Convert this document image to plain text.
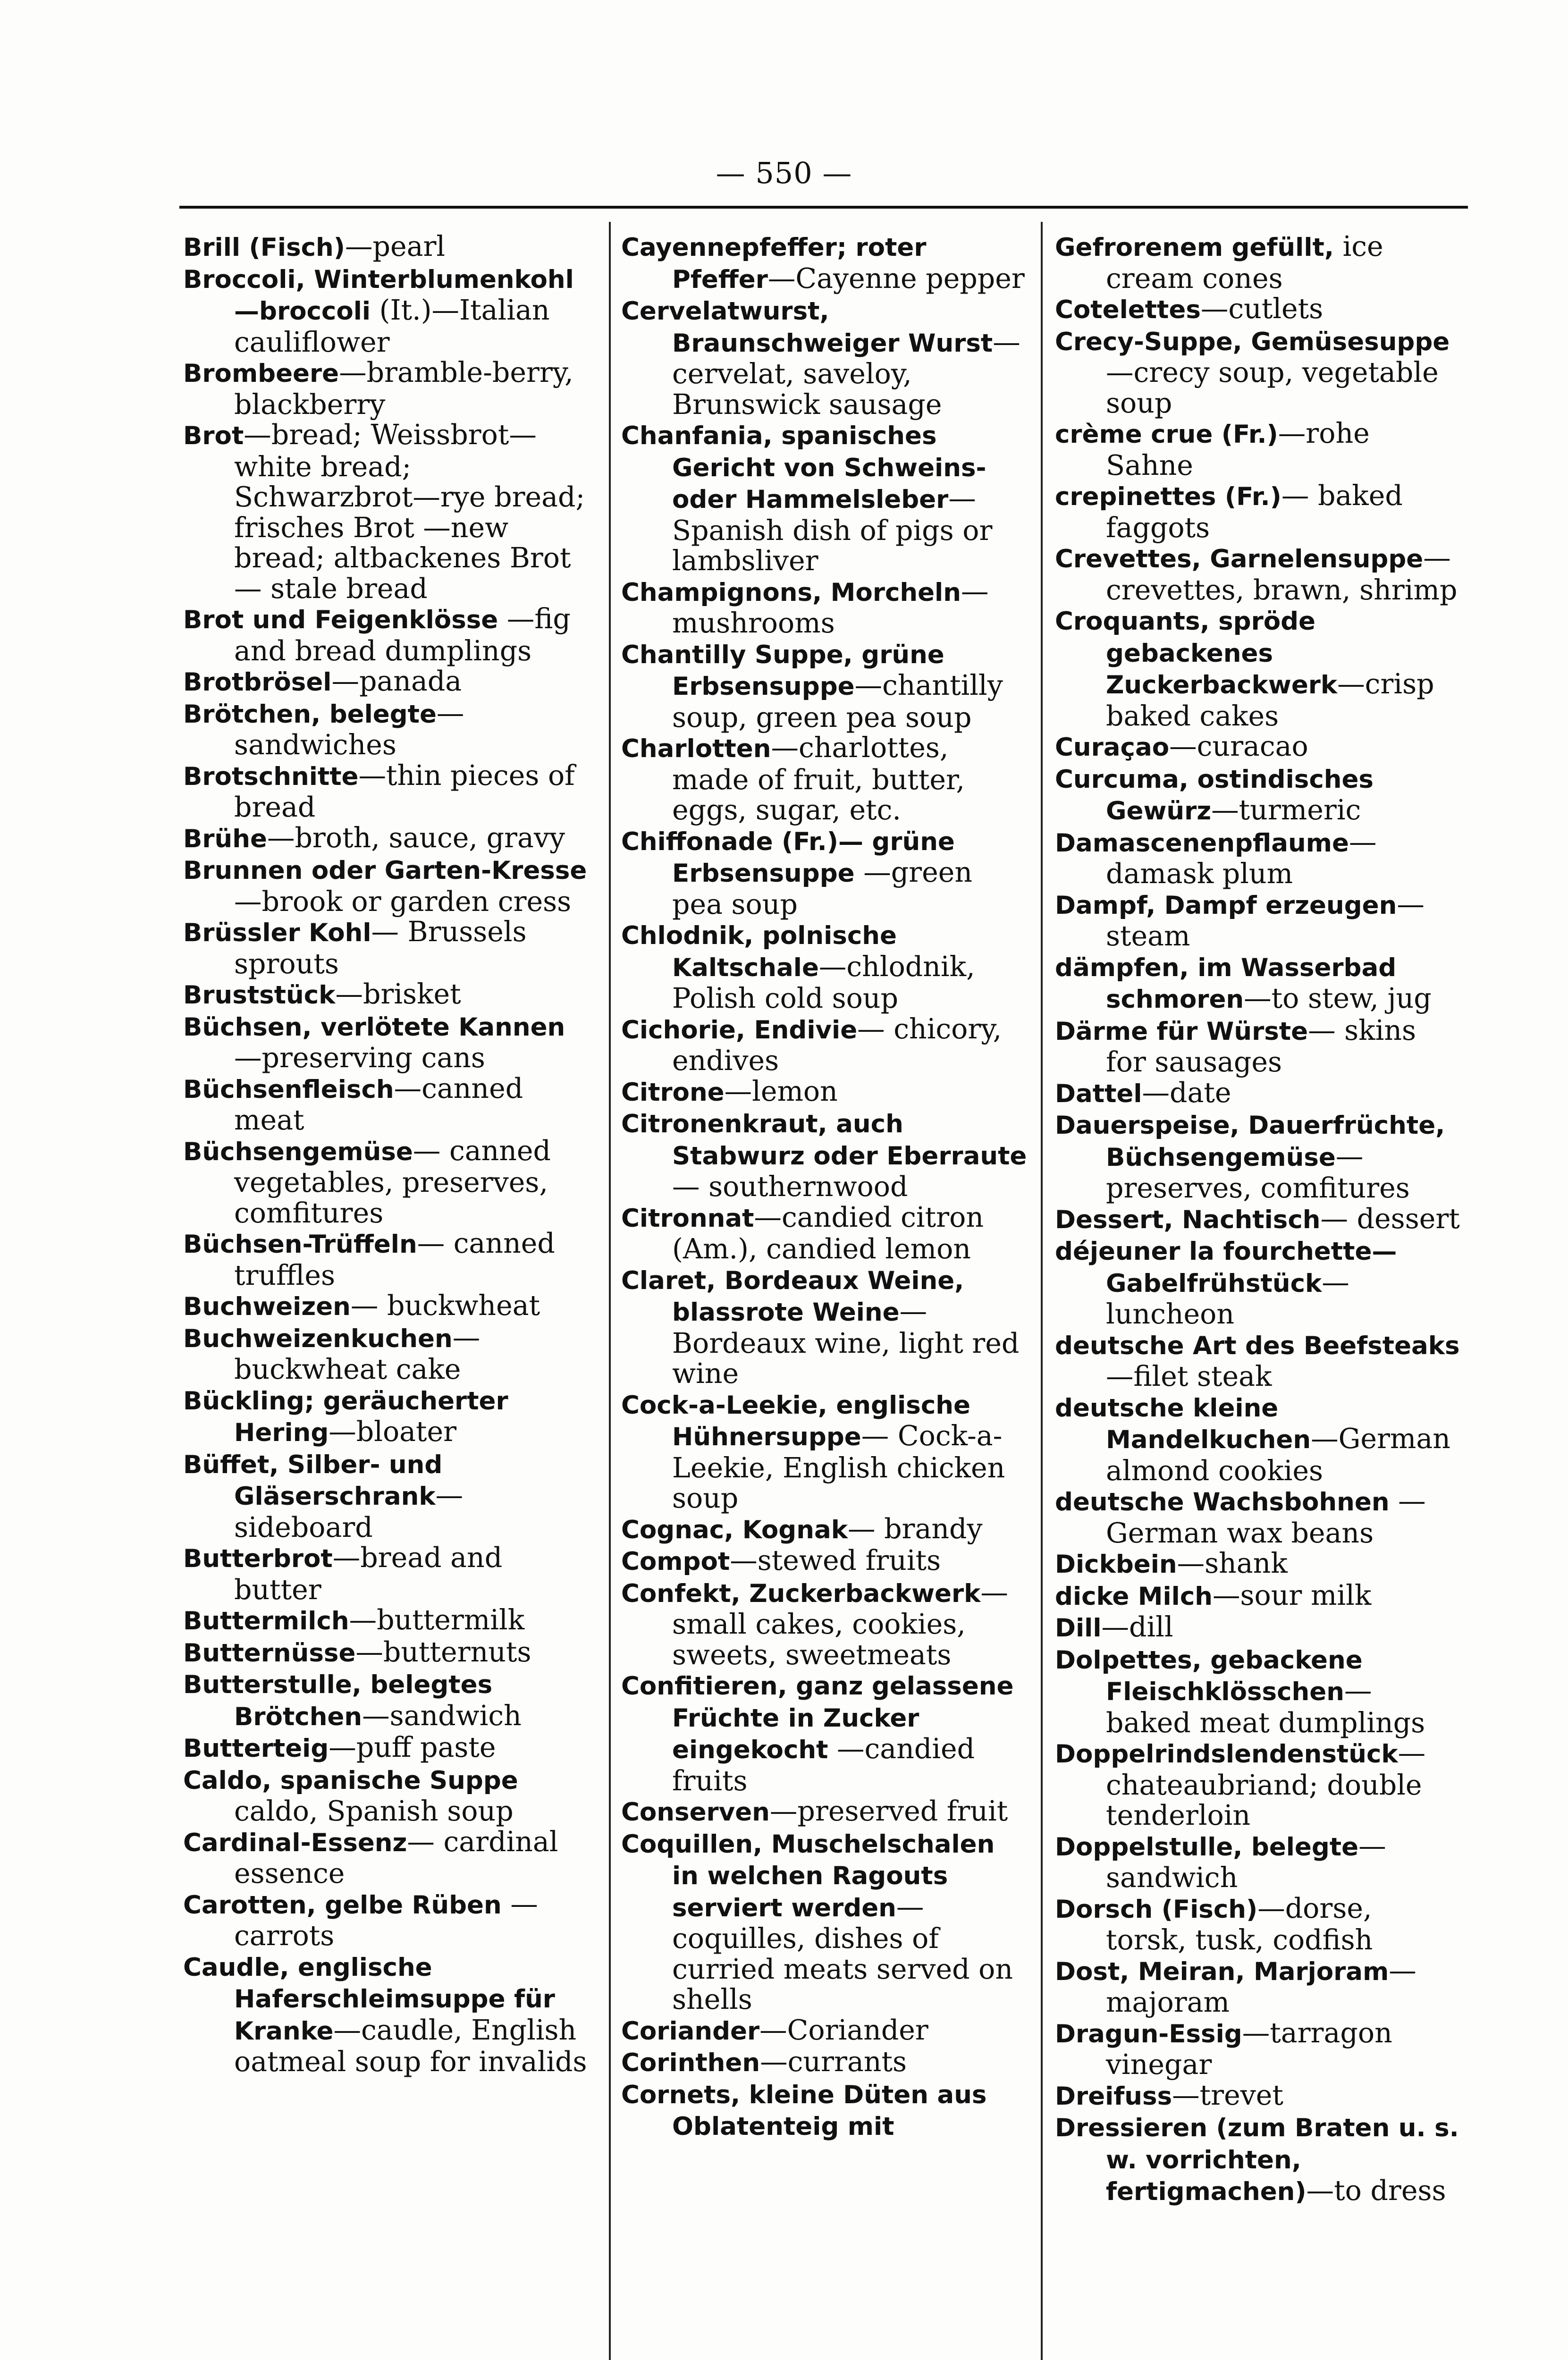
— 550 —
Brill (Fisch)—pearl
Broccoli, Winterblumenkohl—broccoli (It.)—Italian cauliflower
Brombeere—bramble-berry, blackberry
Brot—bread; Weissbrot—white bread; Schwarzbrot—rye bread; frisches Brot —new bread; altbackenes Brot— stale bread
Brot und Feigenklösse —fig and bread dumplings
Brotbrösel—panada
Brötchen, belegte— sandwiches
Brotschnitte—thin pieces of bread
Brühe—broth, sauce, gravy
Brunnen oder Garten-Kresse—brook or garden cress
Brüssler Kohl— Brussels sprouts
Bruststück—brisket
Büchsen, verlötete Kannen—preserving cans
Büchsenfleisch—canned meat
Büchsengemüse— canned vegetables, preserves, comfitures
Büchsen-Trüffeln— canned truffles
Buchweizen— buckwheat
Buchweizenkuchen— buckwheat cake
Bückling; geräucherter Hering—bloater
Büffet, Silber- und Gläserschrank— sideboard
Butterbrot—bread and butter
Buttermilch—buttermilk
Butternüsse—butternuts
Butterstulle, belegtes Brötchen—sandwich
Butterteig—puff paste
Caldo, spanische Suppe caldo, Spanish soup
Cardinal-Essenz— cardinal essence
Carotten, gelbe Rüben —carrots
Caudle, englische Haferschleimsuppe für Kranke—caudle, English oatmeal soup for invalids
Cayennepfeffer; roter Pfeffer—Cayenne pepper
Cervelatwurst, Braunschweiger Wurst— cervelat, saveloy, Brunswick sausage
Chanfania, spanisches Gericht von Schweins- oder Hammelsleber— Spanish dish of pigs or lambsliver
Champignons, Morcheln—mushrooms
Chantilly Suppe, grüne Erbsensuppe—chantilly soup, green pea soup
Charlotten—charlottes, made of fruit, butter, eggs, sugar, etc.
Chiffonade (Fr.)— grüne Erbsensuppe —green pea soup
Chlodnik, polnische Kaltschale—chlodnik, Polish cold soup
Cichorie, Endivie— chicory, endives
Citrone—lemon
Citronenkraut, auch Stabwurz oder Eberraute— southernwood
Citronnat—candied citron (Am.), candied lemon
Claret, Bordeaux Weine, blassrote Weine—Bordeaux wine, light red wine
Cock-a-Leekie, englische Hühnersuppe— Cock-a-Leekie, English chicken soup
Cognac, Kognak— brandy
Compot—stewed fruits
Confekt, Zuckerbackwerk—small cakes, cookies, sweets, sweetmeats
Confitieren, ganz gelassene Früchte in Zucker eingekocht —candied fruits
Conserven—preserved fruit
Coquillen, Muschelschalen in welchen Ragouts serviert werden—coquilles, dishes of curried meats served on shells
Coriander—Coriander
Corinthen—currants
Cornets, kleine Düten aus Oblatenteig mit
Gefrorenem gefüllt, ice cream cones
Cotelettes—cutlets
Crecy-Suppe, Gemüsesuppe—crecy soup, vegetable soup
crème crue (Fr.)—rohe Sahne
crepinettes (Fr.)— baked faggots
Crevettes, Garnelensuppe—crevettes, brawn, shrimp
Croquants, spröde gebackenes Zuckerbackwerk—crisp baked cakes
Curaçao—curacao
Curcuma, ostindisches Gewürz—turmeric
Damascenenpflaume— damask plum
Dampf, Dampf erzeugen—steam
dämpfen, im Wasserbad schmoren—to stew, jug
Därme für Würste— skins for sausages
Dattel—date
Dauerspeise, Dauerfrüchte, Büchsengemüse—preserves, comfitures
Dessert, Nachtisch— dessert
déjeuner la fourchette—Gabelfrühstück—luncheon
deutsche Art des Beefsteaks—filet steak
deutsche kleine Mandelkuchen—German almond cookies
deutsche Wachsbohnen —German wax beans
Dickbein—shank
dicke Milch—sour milk
Dill—dill
Dolpettes, gebackene Fleischklösschen— baked meat dumplings
Doppelrindslendenstück—chateaubriand; double tenderloin
Doppelstulle, belegte— sandwich
Dorsch (Fisch)—dorse, torsk, tusk, codfish
Dost, Meiran, Marjoram—majoram
Dragun-Essig—tarragon vinegar
Dreifuss—trevet
Dressieren (zum Braten u. s. w. vorrichten, fertigmachen)—to dress
